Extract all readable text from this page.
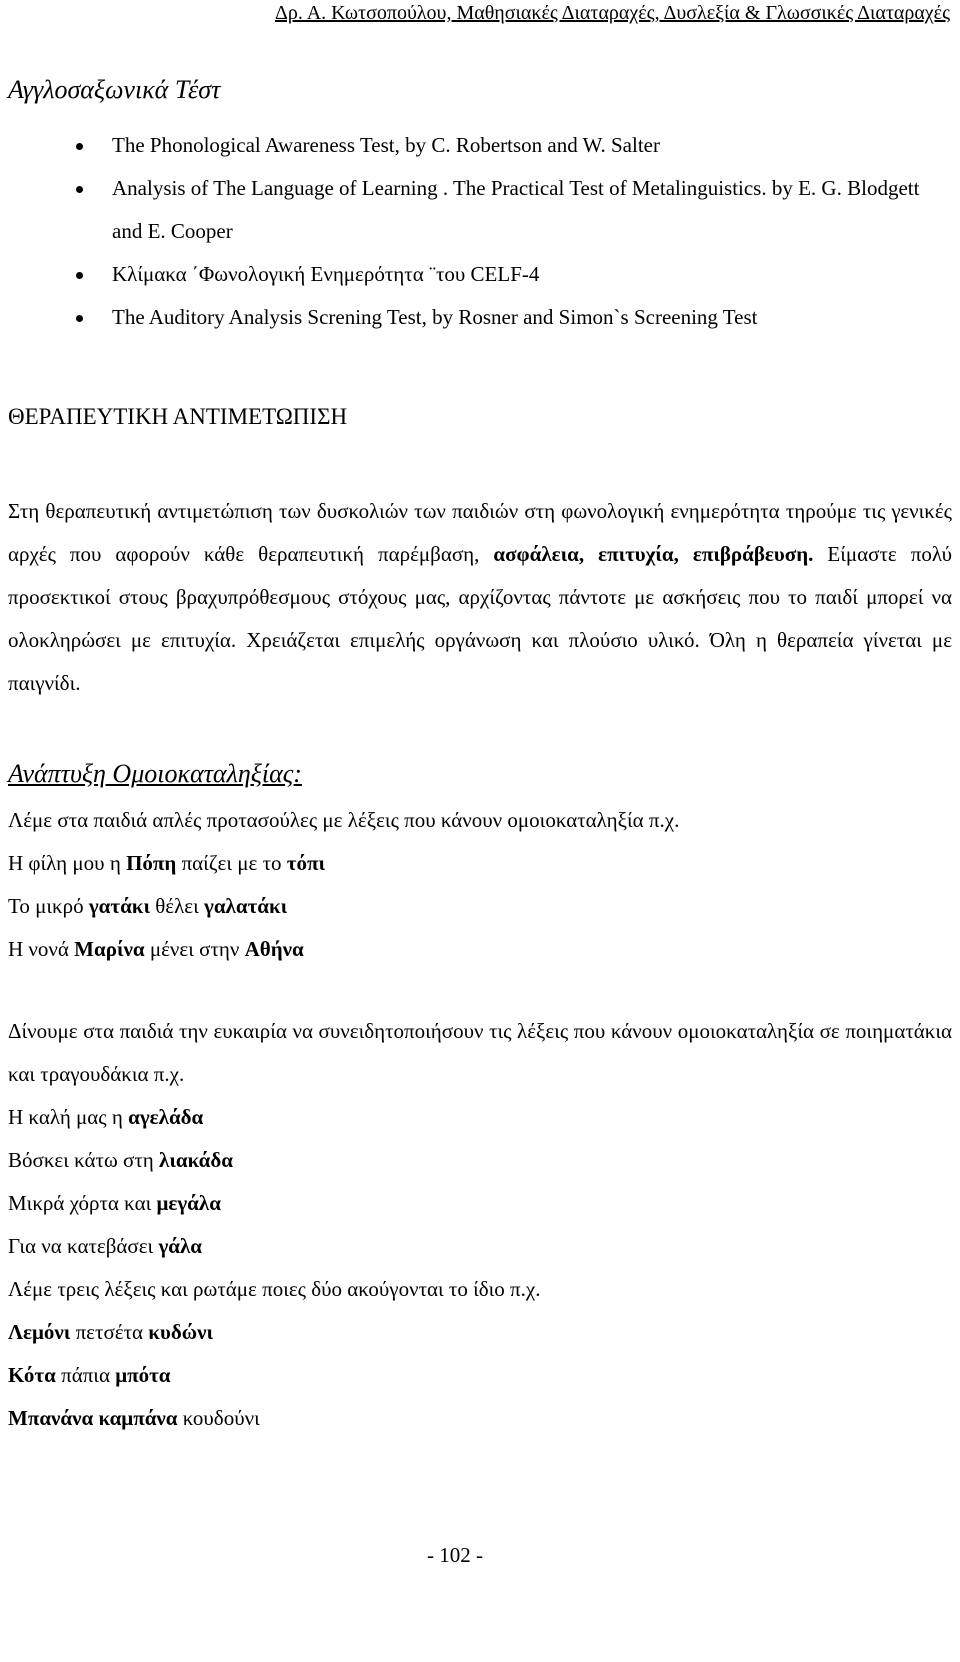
Δρ. Α. Κωτσοπούλου, Μαθησιακές Διαταραχές, Δυσλεξία & Γλωσσικές Διαταραχές
Αγγλοσαξωνικά Τέστ
The Phonological Awareness Test, by C. Robertson and W. Salter
Analysis of The Language of Learning . The Practical Test of Metalinguistics. by E. G. Blodgett and E. Cooper
Κλίμακα ΄Φωνολογική Ενημερότητα ¨του CELF-4
The Auditory Analysis Screning Test, by Rosner and Simon`s Screening Test
ΘΕΡΑΠΕΥΤΙΚΗ ΑΝΤΙΜΕΤΩΠΙΣΗ
Στη θεραπευτική αντιμετώπιση των δυσκολιών των παιδιών στη φωνολογική ενημερότητα τηρούμε τις γενικές αρχές που αφορούν κάθε θεραπευτική παρέμβαση, ασφάλεια, επιτυχία, επιβράβευση. Είμαστε πολύ προσεκτικοί στους βραχυπρόθεσμους στόχους μας, αρχίζοντας πάντοτε με ασκήσεις που το παιδί μπορεί να ολοκληρώσει με επιτυχία. Χρειάζεται επιμελής οργάνωση και πλούσιο υλικό. Όλη η θεραπεία γίνεται με παιγνίδι.
Ανάπτυξη Ομοιοκαταληξίας:
Λέμε στα παιδιά απλές προτασούλες με λέξεις που κάνουν ομοιοκαταληξία π.χ.
Η φίλη μου η Πόπη παίζει με το τόπι
Το μικρό γατάκι θέλει γαλατάκι
Η νονά Μαρίνα μένει στην Αθήνα
Δίνουμε στα παιδιά την ευκαιρία να συνειδητοποιήσουν τις λέξεις που κάνουν ομοιοκαταληξία σε ποιηματάκια και τραγουδάκια π.χ.
Η καλή μας η αγελάδα
Βόσκει κάτω στη λιακάδα
Μικρά χόρτα και μεγάλα
Για να κατεβάσει γάλα
Λέμε τρεις λέξεις και ρωτάμε ποιες δύο ακούγονται το ίδιο π.χ.
Λεμόνι πετσέτα κυδώνι
Κότα πάπια μπότα
Μπανάνα καμπάνα κουδούνι
- 102 -
